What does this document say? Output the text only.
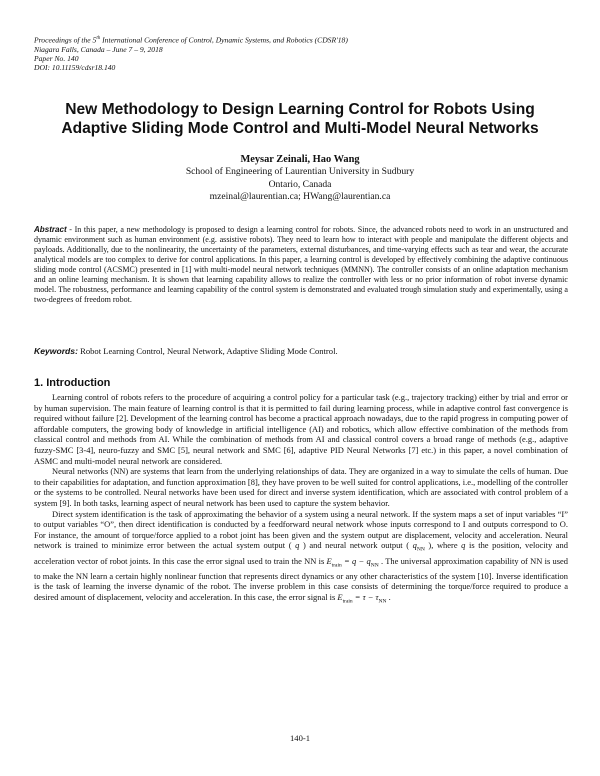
Proceedings of the 5th International Conference of Control, Dynamic Systems, and Robotics (CDSR'18)
Niagara Falls, Canada – June 7 – 9, 2018
Paper No. 140
DOI: 10.11159/cdsr18.140
New Methodology to Design Learning Control for Robots Using
Adaptive Sliding Mode Control and Multi-Model Neural Networks
Meysar Zeinali, Hao Wang
School of Engineering of Laurentian University in Sudbury
Ontario, Canada
mzeinal@laurentian.ca; HWang@laurentian.ca
Abstract - In this paper, a new methodology is proposed to design a learning control for robots. Since, the advanced robots need to work in an unstructured and dynamic environment such as human environment (e.g. assistive robots). They need to learn how to interact with people and manipulate the different objects and payloads. Additionally, due to the nonlinearity, the uncertainty of the parameters, external disturbances, and time-varying effects such as tear and wear, the accurate analytical models are too complex to derive for control applications. In this paper, a learning control is developed by effectively combining the adaptive continuous sliding mode control (ACSMC) presented in [1] with multi-model neural network techniques (MMNN). The controller consists of an online adaptation mechanism and an online learning mechanism. It is shown that learning capability allows to realize the controller with less or no prior information of robot inverse dynamic model. The robustness, performance and learning capability of the control system is demonstrated and evaluated trough simulation study and experimentally, using a two-degrees of freedom robot.
Keywords: Robot Learning Control, Neural Network, Adaptive Sliding Mode Control.
1. Introduction

Learning control of robots refers to the procedure of acquiring a control policy for a particular task (e.g., trajectory tracking) either by trial and error or by human supervision. The main feature of learning control is that it is permitted to fail during learning process, while in adaptive control fast convergence is required without failure [2]. Development of the learning control has become a practical approach nowadays, due to the rapid progress in computing power of affordable computers, the growing body of knowledge in artificial intelligence (AI) and robotics, which allow effective combination of the methods from classical control and methods from AI. While the combination of methods from AI and classical control covers a broad range of methods (e.g., adaptive fuzzy-SMC [3-4], neuro-fuzzy and SMC [5], neural network and SMC [6], adaptive PID Neural Networks [7] etc.) in this paper, a novel combination of ASMC and multi-model neural network are considered.

Neural networks (NN) are systems that learn from the underlying relationships of data. They are organized in a way to simulate the cells of human. Due to their capabilities for adaptation, and function approximation [8], they have proven to be well suited for control applications, i.e., modelling of the controller or the systems to be controlled. Neural networks have been used for direct and inverse system identification, which are associated with control problem of a system [9]. In both tasks, learning aspect of neural network has been used to capture the system behavior.

Direct system identification is the task of approximating the behavior of a system using a neural network. If the system maps a set of input variables “I” to output variables “O”, then direct identification is conducted by a feedforward neural network whose inputs correspond to I and outputs correspond to O. For instance, the amount of torque/force applied to a robot joint has been given and the system output are displacement, velocity and acceleration. Neural network is trained to minimize error between the actual system output ( q ) and neural network output ( $q_{NN}$ ), where q is the position, velocity and acceleration vector of robot joints. In this case the error signal used to train the NN is $E_{train} = q - q_{NN}$ . The universal approximation capability of NN is used to make the NN learn a certain highly nonlinear function that represents direct dynamics or any other characteristics of the system [10]. Inverse identification is the task of learning the inverse dynamic of the robot. The inverse problem in this case consists of determining the torque/force required to produce a desired amount of displacement, velocity and acceleration. In this case, the error signal is $E_{train} = \tau - \tau_{NN}$ .

140-1
